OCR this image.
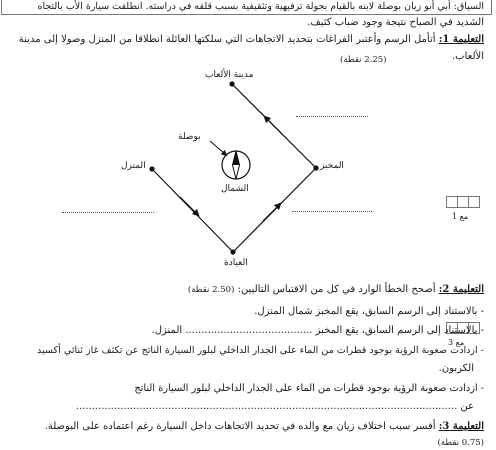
السياق: أبي أبو زيان بوصلة لابنه بالقيام بجولة ترفيهية وتثقيفية بسبب قلقه في دراسته. انطلقت سيارة الأب بالتجاه
الشديد في الصباح نتيجة وجود ضباب كثيف.
التعليمة 1: أتأمل الرسم وأعتبر الفراغات بتحديد الاتجاهات التي سلكتها العائلة انطلاقا من المنزل وصولا إلى مدينة
الألعاب.
(2.25 نقطة)
مدينة الألعاب
بوصلة
المنزل	المخبز
الشمال
العيادة
مع 1
مع 3
التعليمة 2: أصحح الخطأ الوارد في كل من الاقتباس التاليين: (2.50 نقطة)
- بالاستناد إلى الرسم السابق، يقع المخبز شمال المنزل.
- بالاستناد إلى الرسم السابق، يقع المخبز ........................................ المنزل.
- ازدادت صعوبة الرؤية بوجود قطرات من الماء على الجدار الداخلي لبلور السيارة الناتج عن تكثف غاز ثنائي أكسيد
الكربون.
- ازدادت صعوبة الرؤية بوجود قطرات من الماء على الجدار الداخلي لبلور السيارة الناتج
عن ........................................................................................................................
التعليمة 3: أفسر سبب اختلاف زيان مع والده في تحديد الاتجاهات داخل السيارة رغم اعتماده على البوصلة.
(0.75 نقطة)
